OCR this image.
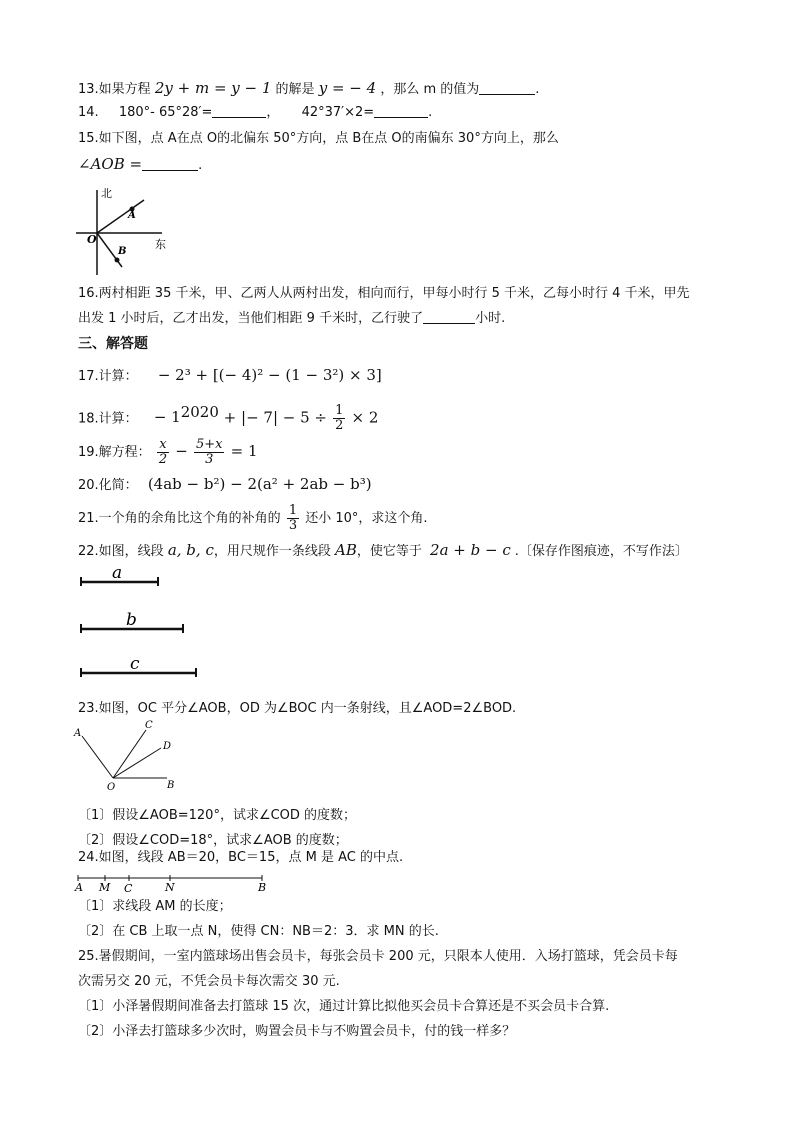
13.如果方程 2y + m = y − 1 的解是 y = − 4 ，那么 m 的值为	.
14. 180°- 65°28′=	， 42°37′×2=	.
15.如下图，点 A在点 O的北偏东 50°方向，点 B在点 O的南偏东 30°方向上，那么
∠AOB =	.
北
东
O
A
B
16.两村相距 35 千米，甲、乙两人从两村出发，相向而行，甲每小时行 5 千米，乙每小时行 4 千米，甲先
出发 1 小时后，乙才出发，当他们相距 9 千米时，乙行驶了	小时.
三、解答题
17.计算： − 2³ + [(− 4)² − (1 − 3²) × 3]
18.计算： − $1^{2020}$ + |− $7| - 5 \div \frac{1}{2} \times 2$
19.解方程： $\frac{x}{2} - \frac{5+x}{3} = 1$
20.化简： (4ab − b²) − 2(a² + 2ab − b³)
21.一个角的余角比这个角的补角的 $\frac{1}{3}$ 还小 10°，求这个角.
22.如图，线段 a, b, c，用尺规作一条线段 AB，使它等于 2a + b − c .〔保存作图痕迹，不写作法〕
a
b
c
23.如图，OC 平分∠AOB，OD 为∠BOC 内一条射线，且∠AOD=2∠BOD.
A
C
D
O	B
〔1〕假设∠AOB=120°，试求∠COD 的度数；
〔2〕假设∠COD=18°，试求∠AOB 的度数；
24.如图，线段 AB＝20，BC＝15，点 M 是 AC 的中点.
A M C	N	B
〔1〕求线段 AM 的长度；
〔2〕在 CB 上取一点 N，使得 CN：NB＝2：3．求 MN 的长.
25.暑假期间，一室内篮球场出售会员卡，每张会员卡 200 元，只限本人使用．入场打篮球，凭会员卡每
次需另交 20 元，不凭会员卡每次需交 30 元.
〔1〕小泽暑假期间准备去打篮球 15 次，通过计算比拟他买会员卡合算还是不买会员卡合算.
〔2〕小泽去打篮球多少次时，购置会员卡与不购置会员卡，付的钱一样多？
